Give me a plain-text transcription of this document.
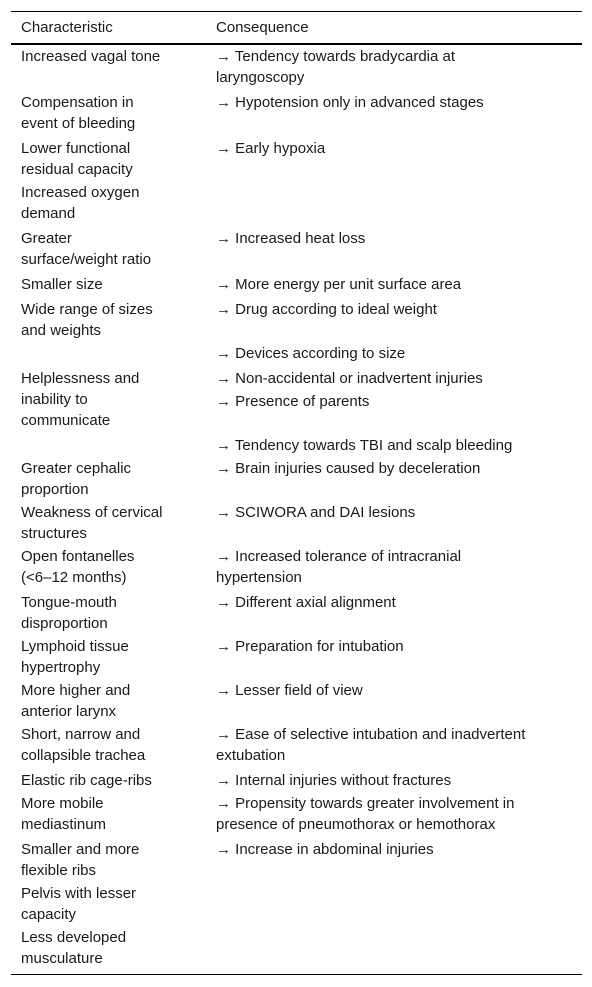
Characteristic	Consequence
Increased vagal tone
Compensation in
event of bleeding
Lower functional
residual capacity
Increased oxygen
demand
Greater
surface/weight ratio
Smaller size
Wide range of sizes
and weights
Helplessness and
inability to
communicate
Greater cephalic
proportion
Weakness of cervical
structures
Open fontanelles
(<6–12 months)
Tongue-mouth
disproportion
Lymphoid tissue
hypertrophy
More higher and
anterior larynx
Short, narrow and
collapsible trachea
Elastic rib cage-ribs
More mobile
mediastinum
Smaller and more
flexible ribs
Pelvis with lesser
capacity
Less developed
musculature
→ Tendency towards bradycardia at
laryngoscopy
→ Hypotension only in advanced stages
→ Early hypoxia
→ Increased heat loss
→ More energy per unit surface area
→ Drug according to ideal weight
→ Devices according to size
→ Non-accidental or inadvertent injuries
→ Presence of parents
→ Tendency towards TBI and scalp bleeding
→ Brain injuries caused by deceleration
→ SCIWORA and DAI lesions
→ Increased tolerance of intracranial
hypertension
→ Different axial alignment
→ Preparation for intubation
→ Lesser field of view
→ Ease of selective intubation and inadvertent
extubation
→ Internal injuries without fractures
→ Propensity towards greater involvement in
presence of pneumothorax or hemothorax
→ Increase in abdominal injuries
